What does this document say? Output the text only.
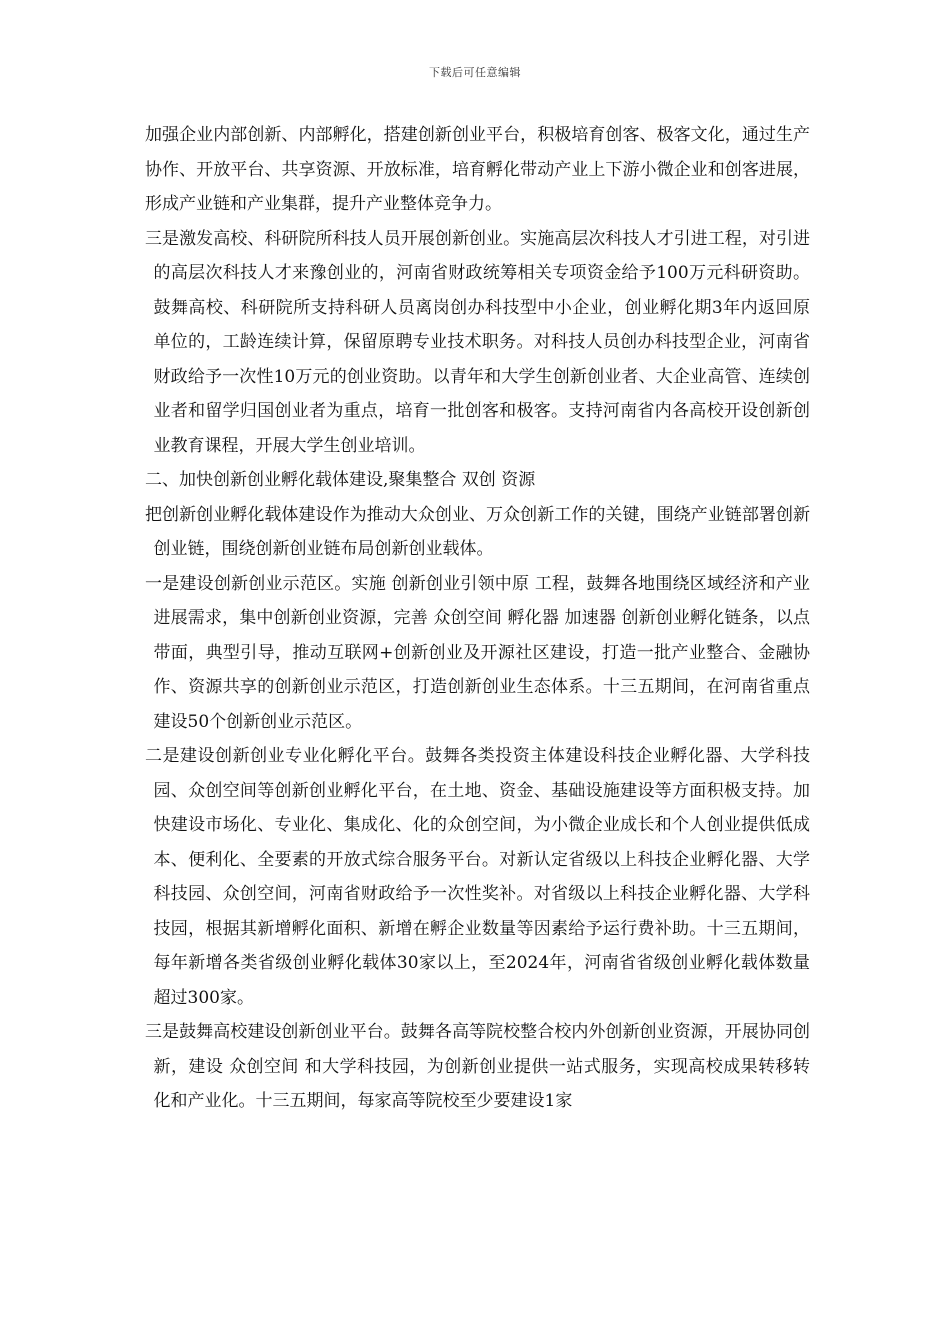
下载后可任意编辑

加强企业内部创新、内部孵化，搭建创新创业平台，积极培育创客、极客文化，通过生产协作、开放平台、共享资源、开放标准，培育孵化带动产业上下游小微企业和创客进展，形成产业链和产业集群，提升产业整体竞争力。

三是激发高校、科研院所科技人员开展创新创业。实施高层次科技人才引进工程，对引进的高层次科技人才来豫创业的，河南省财政统筹相关专项资金给予100万元科研资助。鼓舞高校、科研院所支持科研人员离岗创办科技型中小企业，创业孵化期3年内返回原单位的，工龄连续计算，保留原聘专业技术职务。对科技人员创办科技型企业，河南省财政给予一次性10万元的创业资助。以青年和大学生创新创业者、大企业高管、连续创业者和留学归国创业者为重点，培育一批创客和极客。支持河南省内各高校开设创新创业教育课程，开展大学生创业培训。

二、加快创新创业孵化载体建设,聚集整合 双创 资源

把创新创业孵化载体建设作为推动大众创业、万众创新工作的关键，围绕产业链部署创新创业链，围绕创新创业链布局创新创业载体。

一是建设创新创业示范区。实施 创新创业引领中原 工程，鼓舞各地围绕区域经济和产业进展需求，集中创新创业资源，完善 众创空间 孵化器 加速器 创新创业孵化链条，以点带面，典型引导，推动互联网+创新创业及开源社区建设，打造一批产业整合、金融协作、资源共享的创新创业示范区，打造创新创业生态体系。十三五期间，在河南省重点建设50个创新创业示范区。

二是建设创新创业专业化孵化平台。鼓舞各类投资主体建设科技企业孵化器、大学科技园、众创空间等创新创业孵化平台，在土地、资金、基础设施建设等方面积极支持。加快建设市场化、专业化、集成化、化的众创空间，为小微企业成长和个人创业提供低成本、便利化、全要素的开放式综合服务平台。对新认定省级以上科技企业孵化器、大学科技园、众创空间，河南省财政给予一次性奖补。对省级以上科技企业孵化器、大学科技园，根据其新增孵化面积、新增在孵企业数量等因素给予运行费补助。十三五期间，每年新增各类省级创业孵化载体30家以上，至2024年，河南省省级创业孵化载体数量超过300家。

三是鼓舞高校建设创新创业平台。鼓舞各高等院校整合校内外创新创业资源，开展协同创新，建设 众创空间 和大学科技园，为创新创业提供一站式服务，实现高校成果转移转化和产业化。十三五期间，每家高等院校至少要建设1家
